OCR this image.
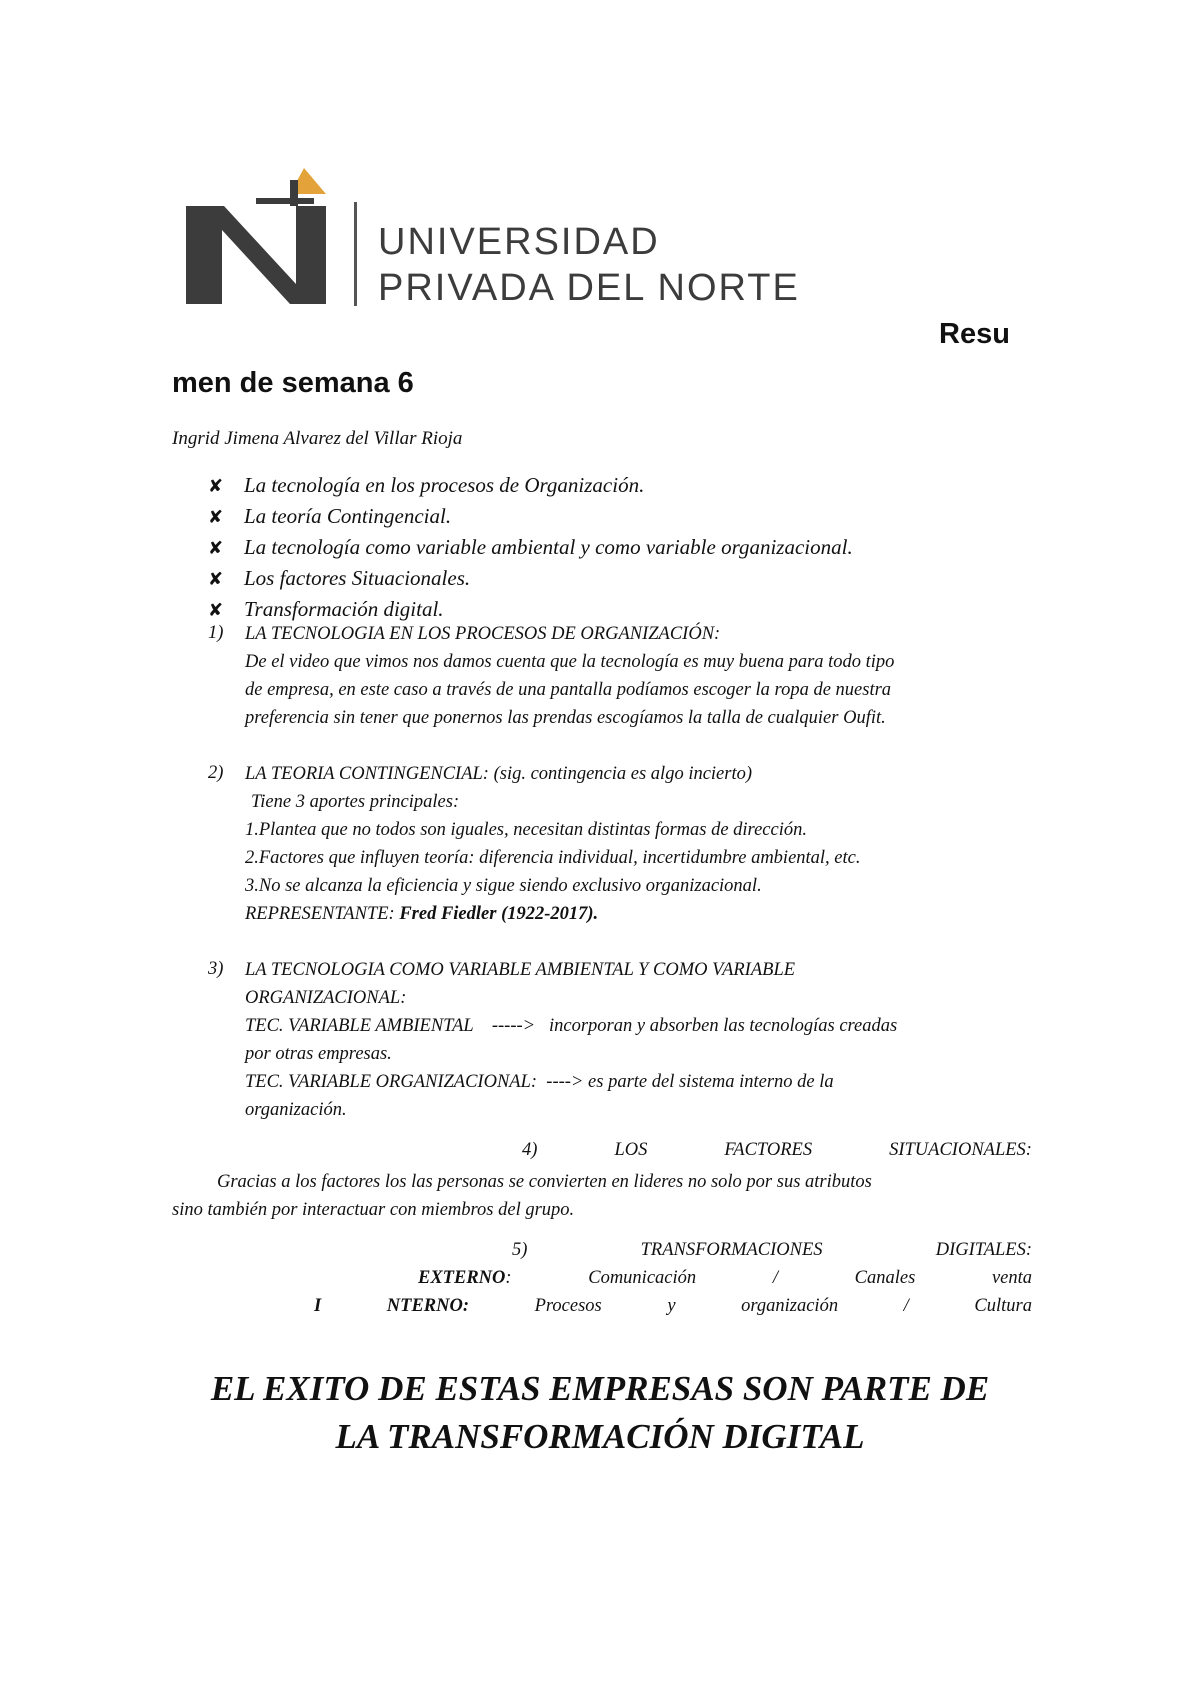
UNIVERSIDAD
PRIVADA DEL NORTE
Resu
men de semana 6
Ingrid Jimena Alvarez del Villar Rioja
✘ La tecnología en los procesos de Organización.
✘ La teoría Contingencial.
✘ La tecnología como variable ambiental y como variable organizacional.
✘ Los factores Situacionales.
✘ Transformación digital.
1) LA TECNOLOGIA EN LOS PROCESOS DE ORGANIZACIÓN:
De el video que vimos nos damos cuenta que la tecnología es muy buena para todo tipo
de empresa, en este caso a través de una pantalla podíamos escoger la ropa de nuestra
preferencia sin tener que ponernos las prendas escogíamos la talla de cualquier Oufit.
2) LA TEORIA CONTINGENCIAL: (sig. contingencia es algo incierto)
Tiene 3 aportes principales:
1.Plantea que no todos son iguales, necesitan distintas formas de dirección.
2.Factores que influyen teoría: diferencia individual, incertidumbre ambiental, etc.
3.No se alcanza la eficiencia y sigue siendo exclusivo organizacional.
REPRESENTANTE: Fred Fiedler (1922-2017).
3) LA TECNOLOGIA COMO VARIABLE AMBIENTAL Y COMO VARIABLE
ORGANIZACIONAL:
TEC. VARIABLE AMBIENTAL    ----->   incorporan y absorben las tecnologías creadas
por otras empresas.
TEC. VARIABLE ORGANIZACIONAL:  ----> es parte del sistema interno de la
organización.
4)	LOS	FACTORES	SITUACIONALES:
Gracias a los factores los las personas se convierten en lideres no solo por sus atributos
sino también por interactuar con miembros del grupo.
5)	TRANSFORMACIONES	DIGITALES:
EXTERNO:	Comunicación	/	Canales	venta
I	NTERNO:	Procesos	y	organización	/	Cultura
EL EXITO DE ESTAS EMPRESAS SON PARTE DE
LA TRANSFORMACIÓN DIGITAL
